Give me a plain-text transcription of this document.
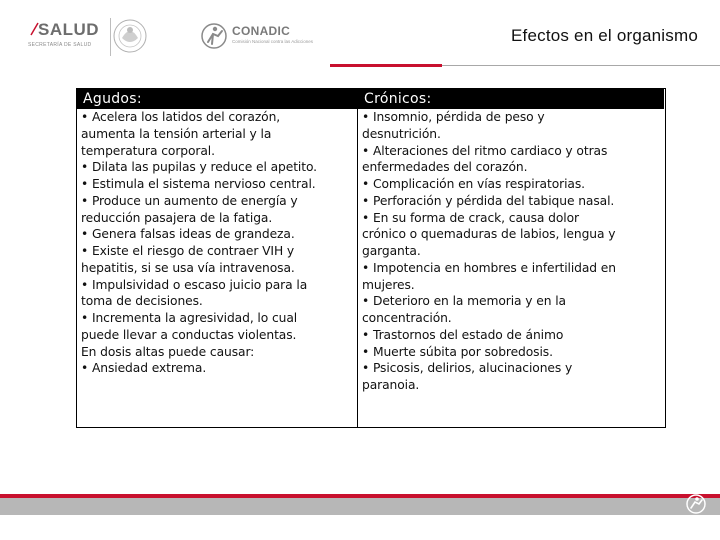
SALUD
SECRETARÍA DE SALUD
CONADIC
Comisión Nacional contra las Adicciones	Efectos en el organismo
Agudos:
• Acelera los latidos del corazón,
aumenta la tensión arterial y la
temperatura corporal.
• Dilata las pupilas y reduce el apetito.
• Estimula el sistema nervioso central.
• Produce un aumento de energía y
reducción pasajera de la fatiga.
• Genera falsas ideas de grandeza.
• Existe el riesgo de contraer VIH y
hepatitis, si se usa vía intravenosa.
• Impulsividad o escaso juicio para la
toma de decisiones.
• Incrementa la agresividad, lo cual
puede llevar a conductas violentas.
En dosis altas puede causar:
• Ansiedad extrema.
Crónicos:
• Insomnio, pérdida de peso y
desnutrición.
• Alteraciones del ritmo cardiaco y otras
enfermedades del corazón.
• Complicación en vías respiratorias.
• Perforación y pérdida del tabique nasal.
• En su forma de crack, causa dolor
crónico o quemaduras de labios, lengua y
garganta.
• Impotencia en hombres e infertilidad en
mujeres.
• Deterioro en la memoria y en la
concentración.
• Trastornos del estado de ánimo
• Muerte súbita por sobredosis.
• Psicosis, delirios, alucinaciones y
paranoia.
